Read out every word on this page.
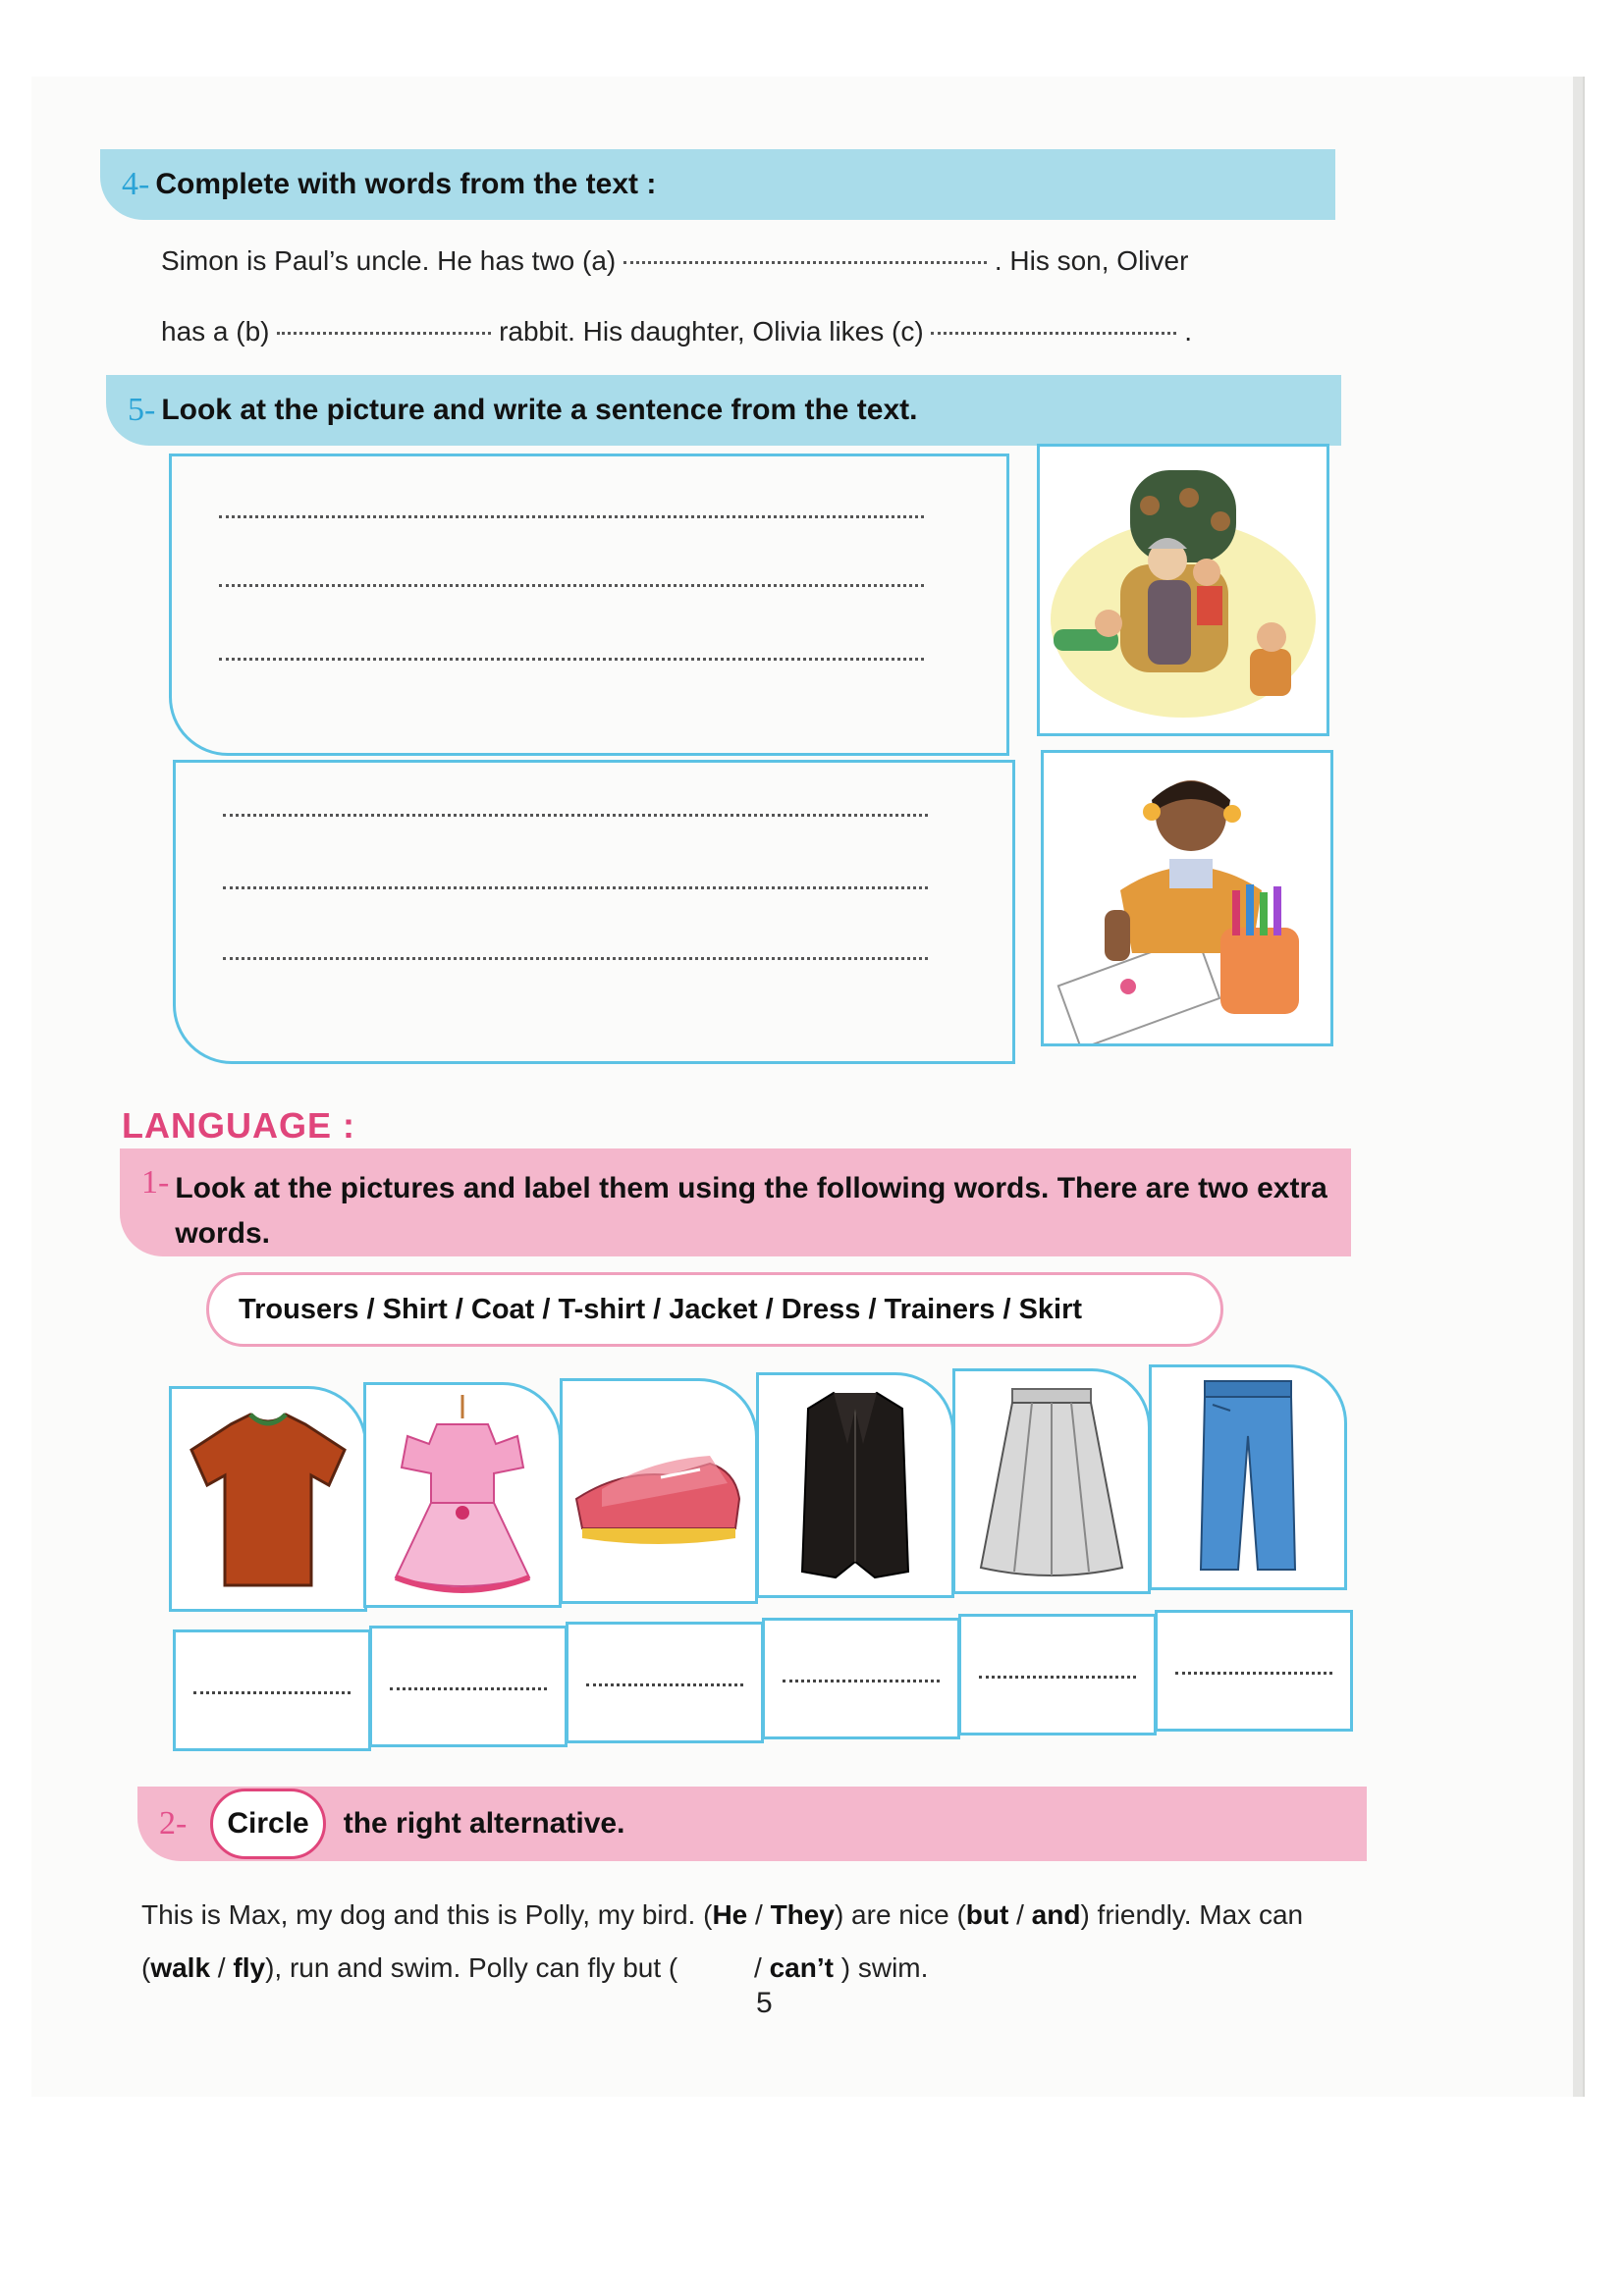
4- Complete with words from the text :
Simon is Paul’s uncle. He has two (a)	. His son, Oliver
has a (b)	rabbit. His daughter, Olivia likes (c)	.
5- Look at the picture and write a sentence from the text.
LANGUAGE :
1- Look at the pictures and label them using the following words. There are two extra words.
Trousers / Shirt / Coat / T-shirt / Jacket / Dress / Trainers / Skirt
2-	Circle	the right alternative.
This is Max, my dog and this is Polly, my bird. (He / They) are nice (but / and) friendly. Max can
(walk / fly), run and swim. Polly can fly but (          / can’t ) swim.
5
